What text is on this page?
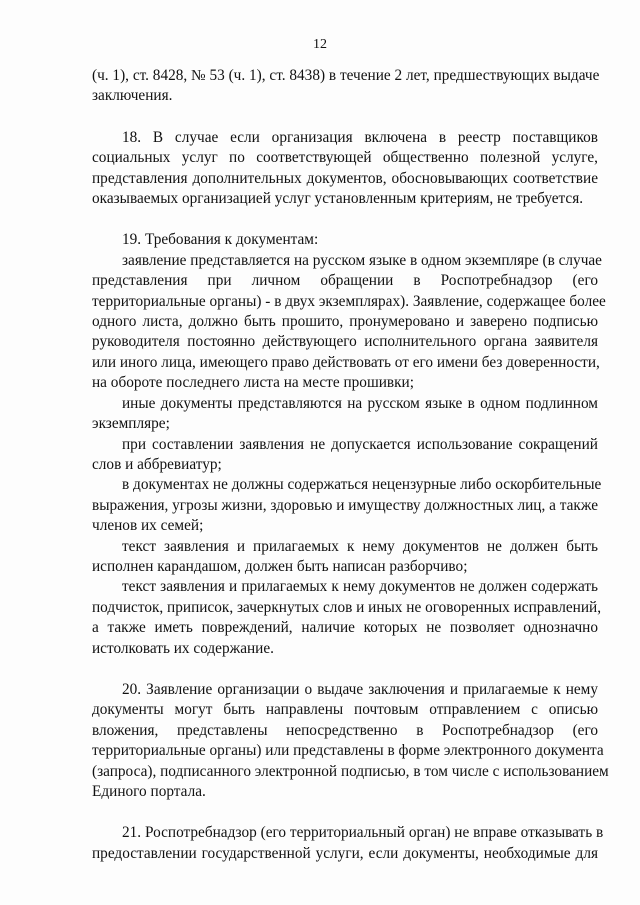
12
(ч. 1), ст. 8428, № 53 (ч. 1), ст. 8438) в течение 2 лет, предшествующих выдаче
заключения.
18. В случае если организация включена в реестр поставщиков
социальных услуг по соответствующей общественно полезной услуге,
представления дополнительных документов, обосновывающих соответствие
оказываемых организацией услуг установленным критериям, не требуется.
19. Требования к документам:
заявление представляется на русском языке в одном экземпляре (в случае
представления при личном обращении в Роспотребнадзор (его
территориальные органы) - в двух экземплярах). Заявление, содержащее более
одного листа, должно быть прошито, пронумеровано и заверено подписью
руководителя постоянно действующего исполнительного органа заявителя
или иного лица, имеющего право действовать от его имени без доверенности,
на обороте последнего листа на месте прошивки;
иные документы представляются на русском языке в одном подлинном
экземпляре;
при составлении заявления не допускается использование сокращений
слов и аббревиатур;
в документах не должны содержаться нецензурные либо оскорбительные
выражения, угрозы жизни, здоровью и имуществу должностных лиц, а также
членов их семей;
текст заявления и прилагаемых к нему документов не должен быть
исполнен карандашом, должен быть написан разборчиво;
текст заявления и прилагаемых к нему документов не должен содержать
подчисток, приписок, зачеркнутых слов и иных не оговоренных исправлений,
а также иметь повреждений, наличие которых не позволяет однозначно
истолковать их содержание.
20. Заявление организации о выдаче заключения и прилагаемые к нему
документы могут быть направлены почтовым отправлением с описью
вложения, представлены непосредственно в Роспотребнадзор (его
территориальные органы) или представлены в форме электронного документа
(запроса), подписанного электронной подписью, в том числе с использованием
Единого портала.
21. Роспотребнадзор (его территориальный орган) не вправе отказывать в
предоставлении государственной услуги, если документы, необходимые для
